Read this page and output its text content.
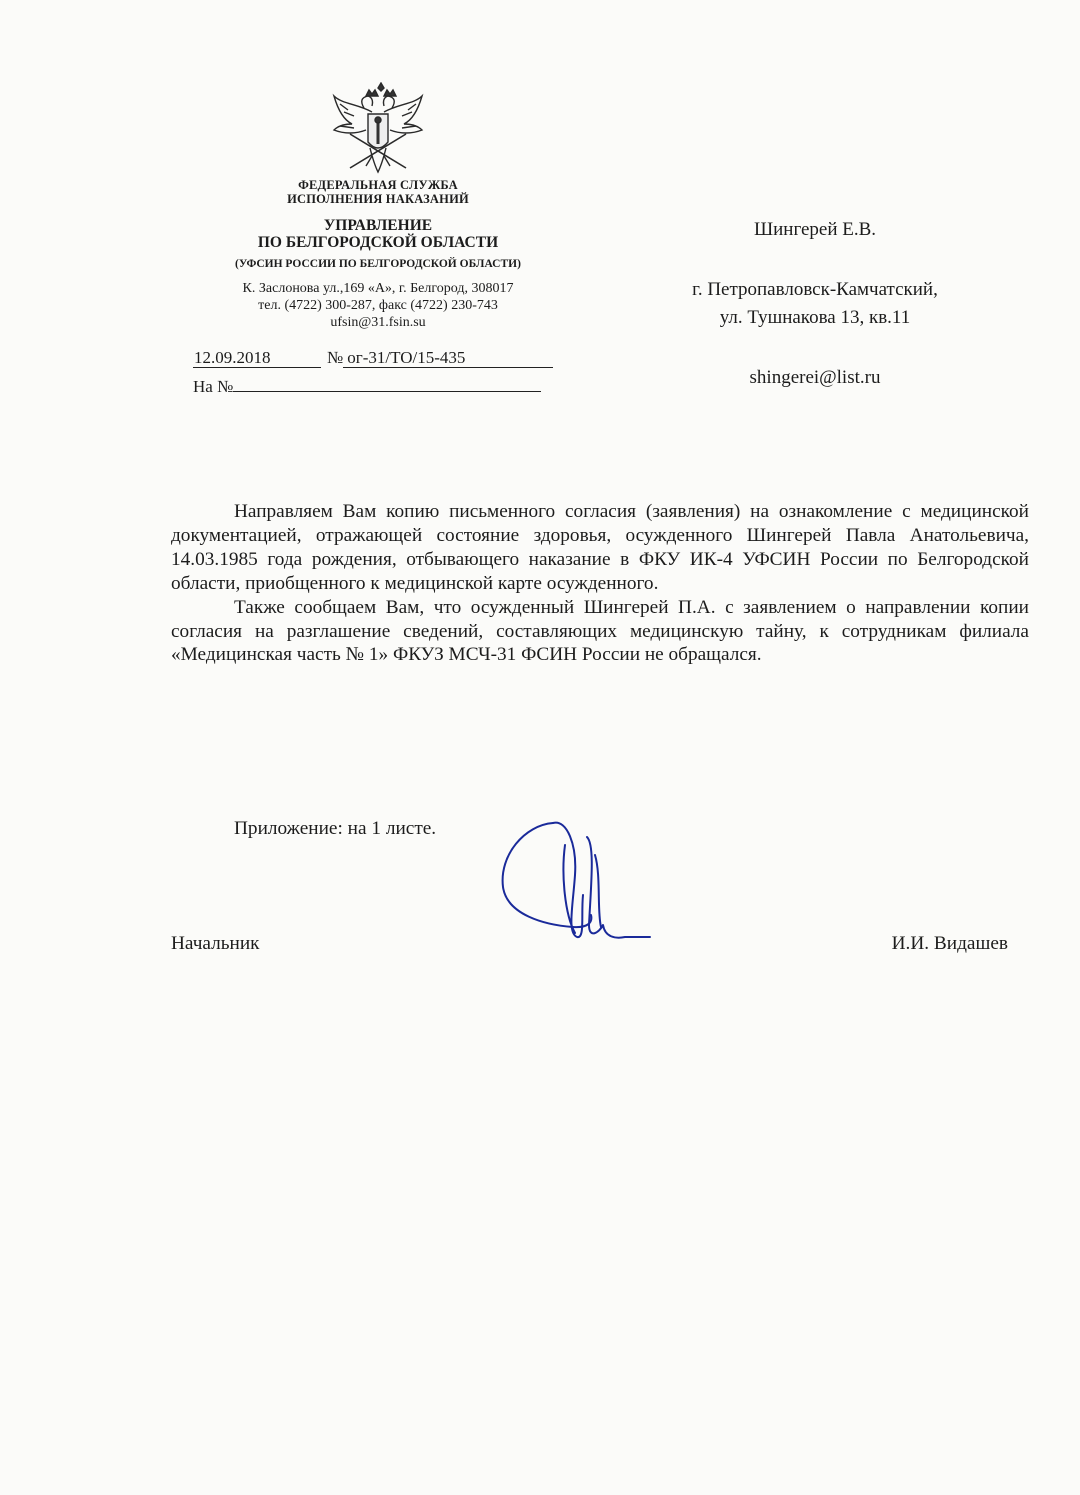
ФЕДЕРАЛЬНАЯ СЛУЖБА
ИСПОЛНЕНИЯ НАКАЗАНИЙ
УПРАВЛЕНИЕ
ПО БЕЛГОРОДСКОЙ ОБЛАСТИ
(УФСИН РОССИИ ПО БЕЛГОРОДСКОЙ ОБЛАСТИ)
К. Заслонова ул.,169 «А», г. Белгород, 308017
тел. (4722) 300-287, факс (4722) 230-743
ufsin@31.fsin.su
12.09.2018	№ ог-31/ТО/15-435
На №
Шингерей Е.В.
г. Петропавловск-Камчатский,
ул. Тушнакова 13, кв.11
shingerei@list.ru

Направляем Вам копию письменного согласия (заявления) на ознакомление с медицинской документацией, отражающей состояние здоровья, осужденного Шингерей Павла Анатольевича, 14.03.1985 года рождения, отбывающего наказание в ФКУ ИК-4 УФСИН России по Белгородской области, приобщенного к медицинской карте осужденного.

Также сообщаем Вам, что осужденный Шингерей П.А. с заявлением о направлении копии согласия на разглашение сведений, составляющих медицинскую тайну, к сотрудникам филиала «Медицинская часть № 1» ФКУЗ МСЧ-31 ФСИН России не обращался.

Приложение: на 1 листе.
Начальник	И.И. Видашев
